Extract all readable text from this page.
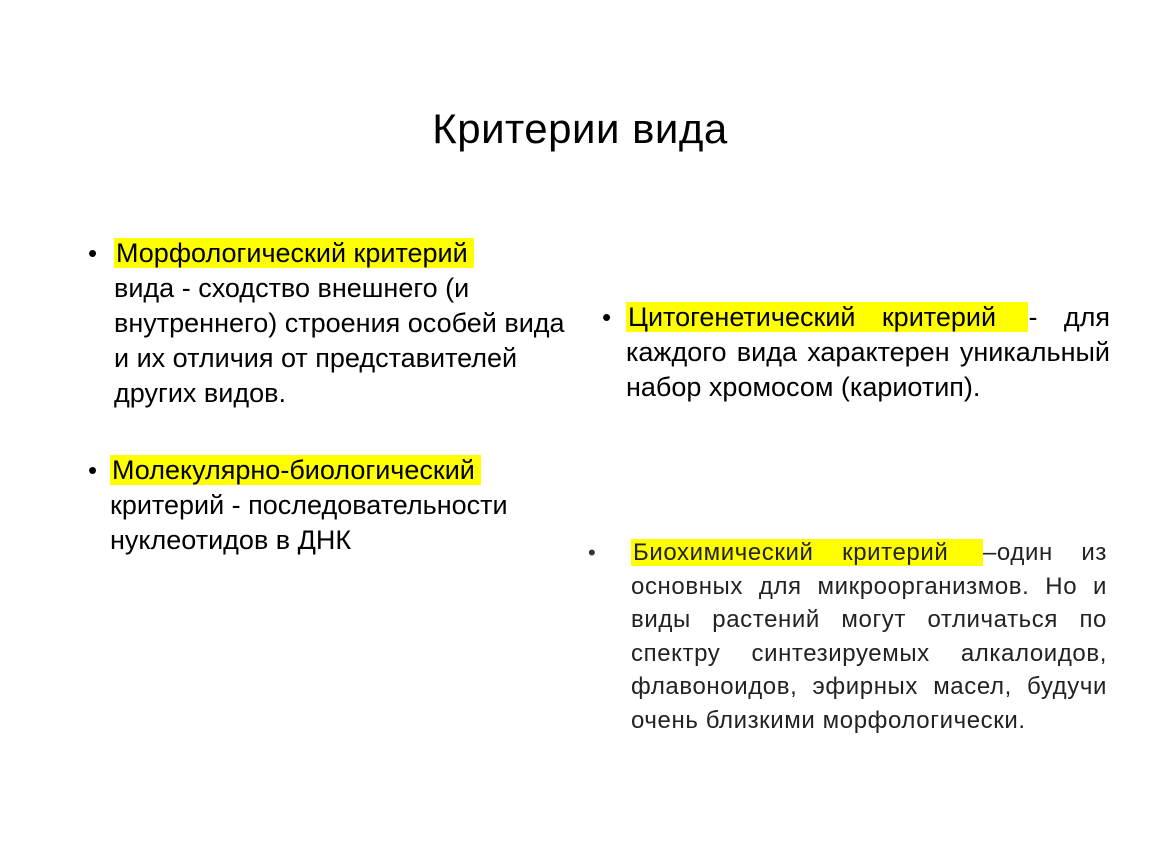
Критерии вида
• Морфологический критерий
вида - сходство внешнего (и внутреннего) строения особей вида и их отличия от представителей других видов.
• Молекулярно-биологический
критерий - последовательности нуклеотидов в ДНК
• Цитогенетический критерий - для каждого вида характерен уникальный набор хромосом (кариотип).
• Биохимический критерий –один из основных для микроорганизмов. Но и виды растений могут отличаться по спектру синтезируемых алкалоидов, флавоноидов, эфирных масел, будучи очень близкими морфологически.
